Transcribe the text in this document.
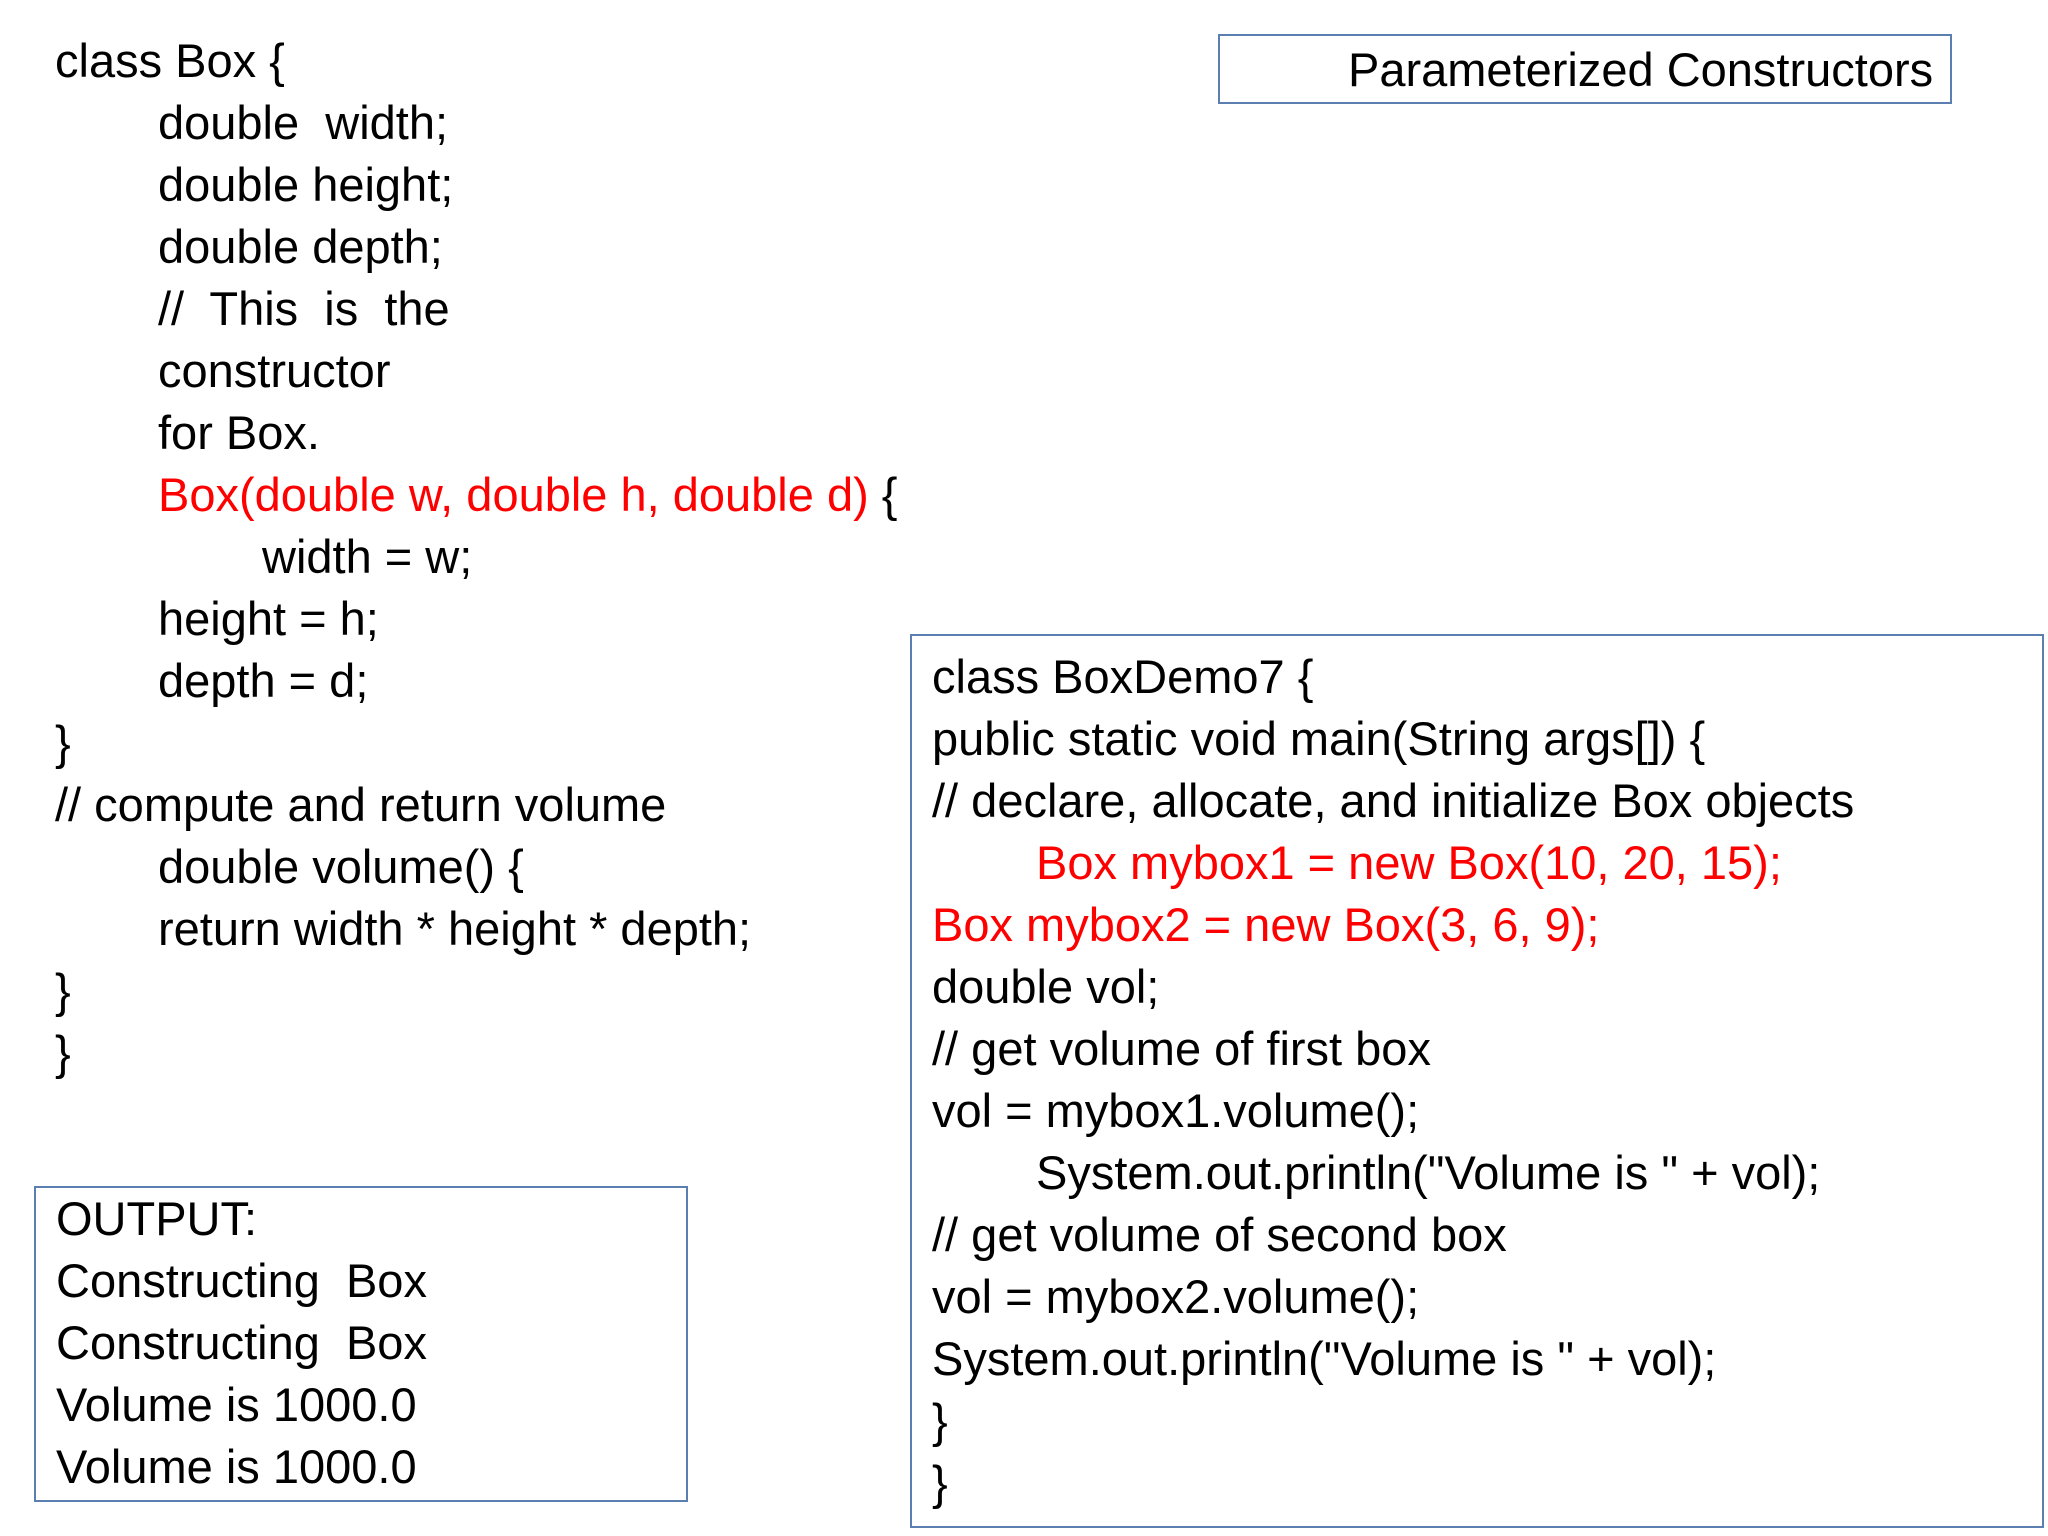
Parameterized Constructors

class Box {

double  width;

double height;

double depth;

//  This  is  the

constructor

for Box.

Box(double w, double h, double d) {

width = w;

height = h;

depth = d;

}

// compute and return volume

double volume() {

return width * height * depth;

}

}

class BoxDemo7 {

public static void main(String args[]) {

// declare, allocate, and initialize Box objects

Box mybox1 = new Box(10, 20, 15);

Box mybox2 = new Box(3, 6, 9);

double vol;

// get volume of first box

vol = mybox1.volume();

System.out.println("Volume is " + vol);

// get volume of second box

vol = mybox2.volume();

System.out.println("Volume is " + vol);

}

}

OUTPUT:

Constructing  Box

Constructing  Box

Volume is 1000.0

Volume is 1000.0
